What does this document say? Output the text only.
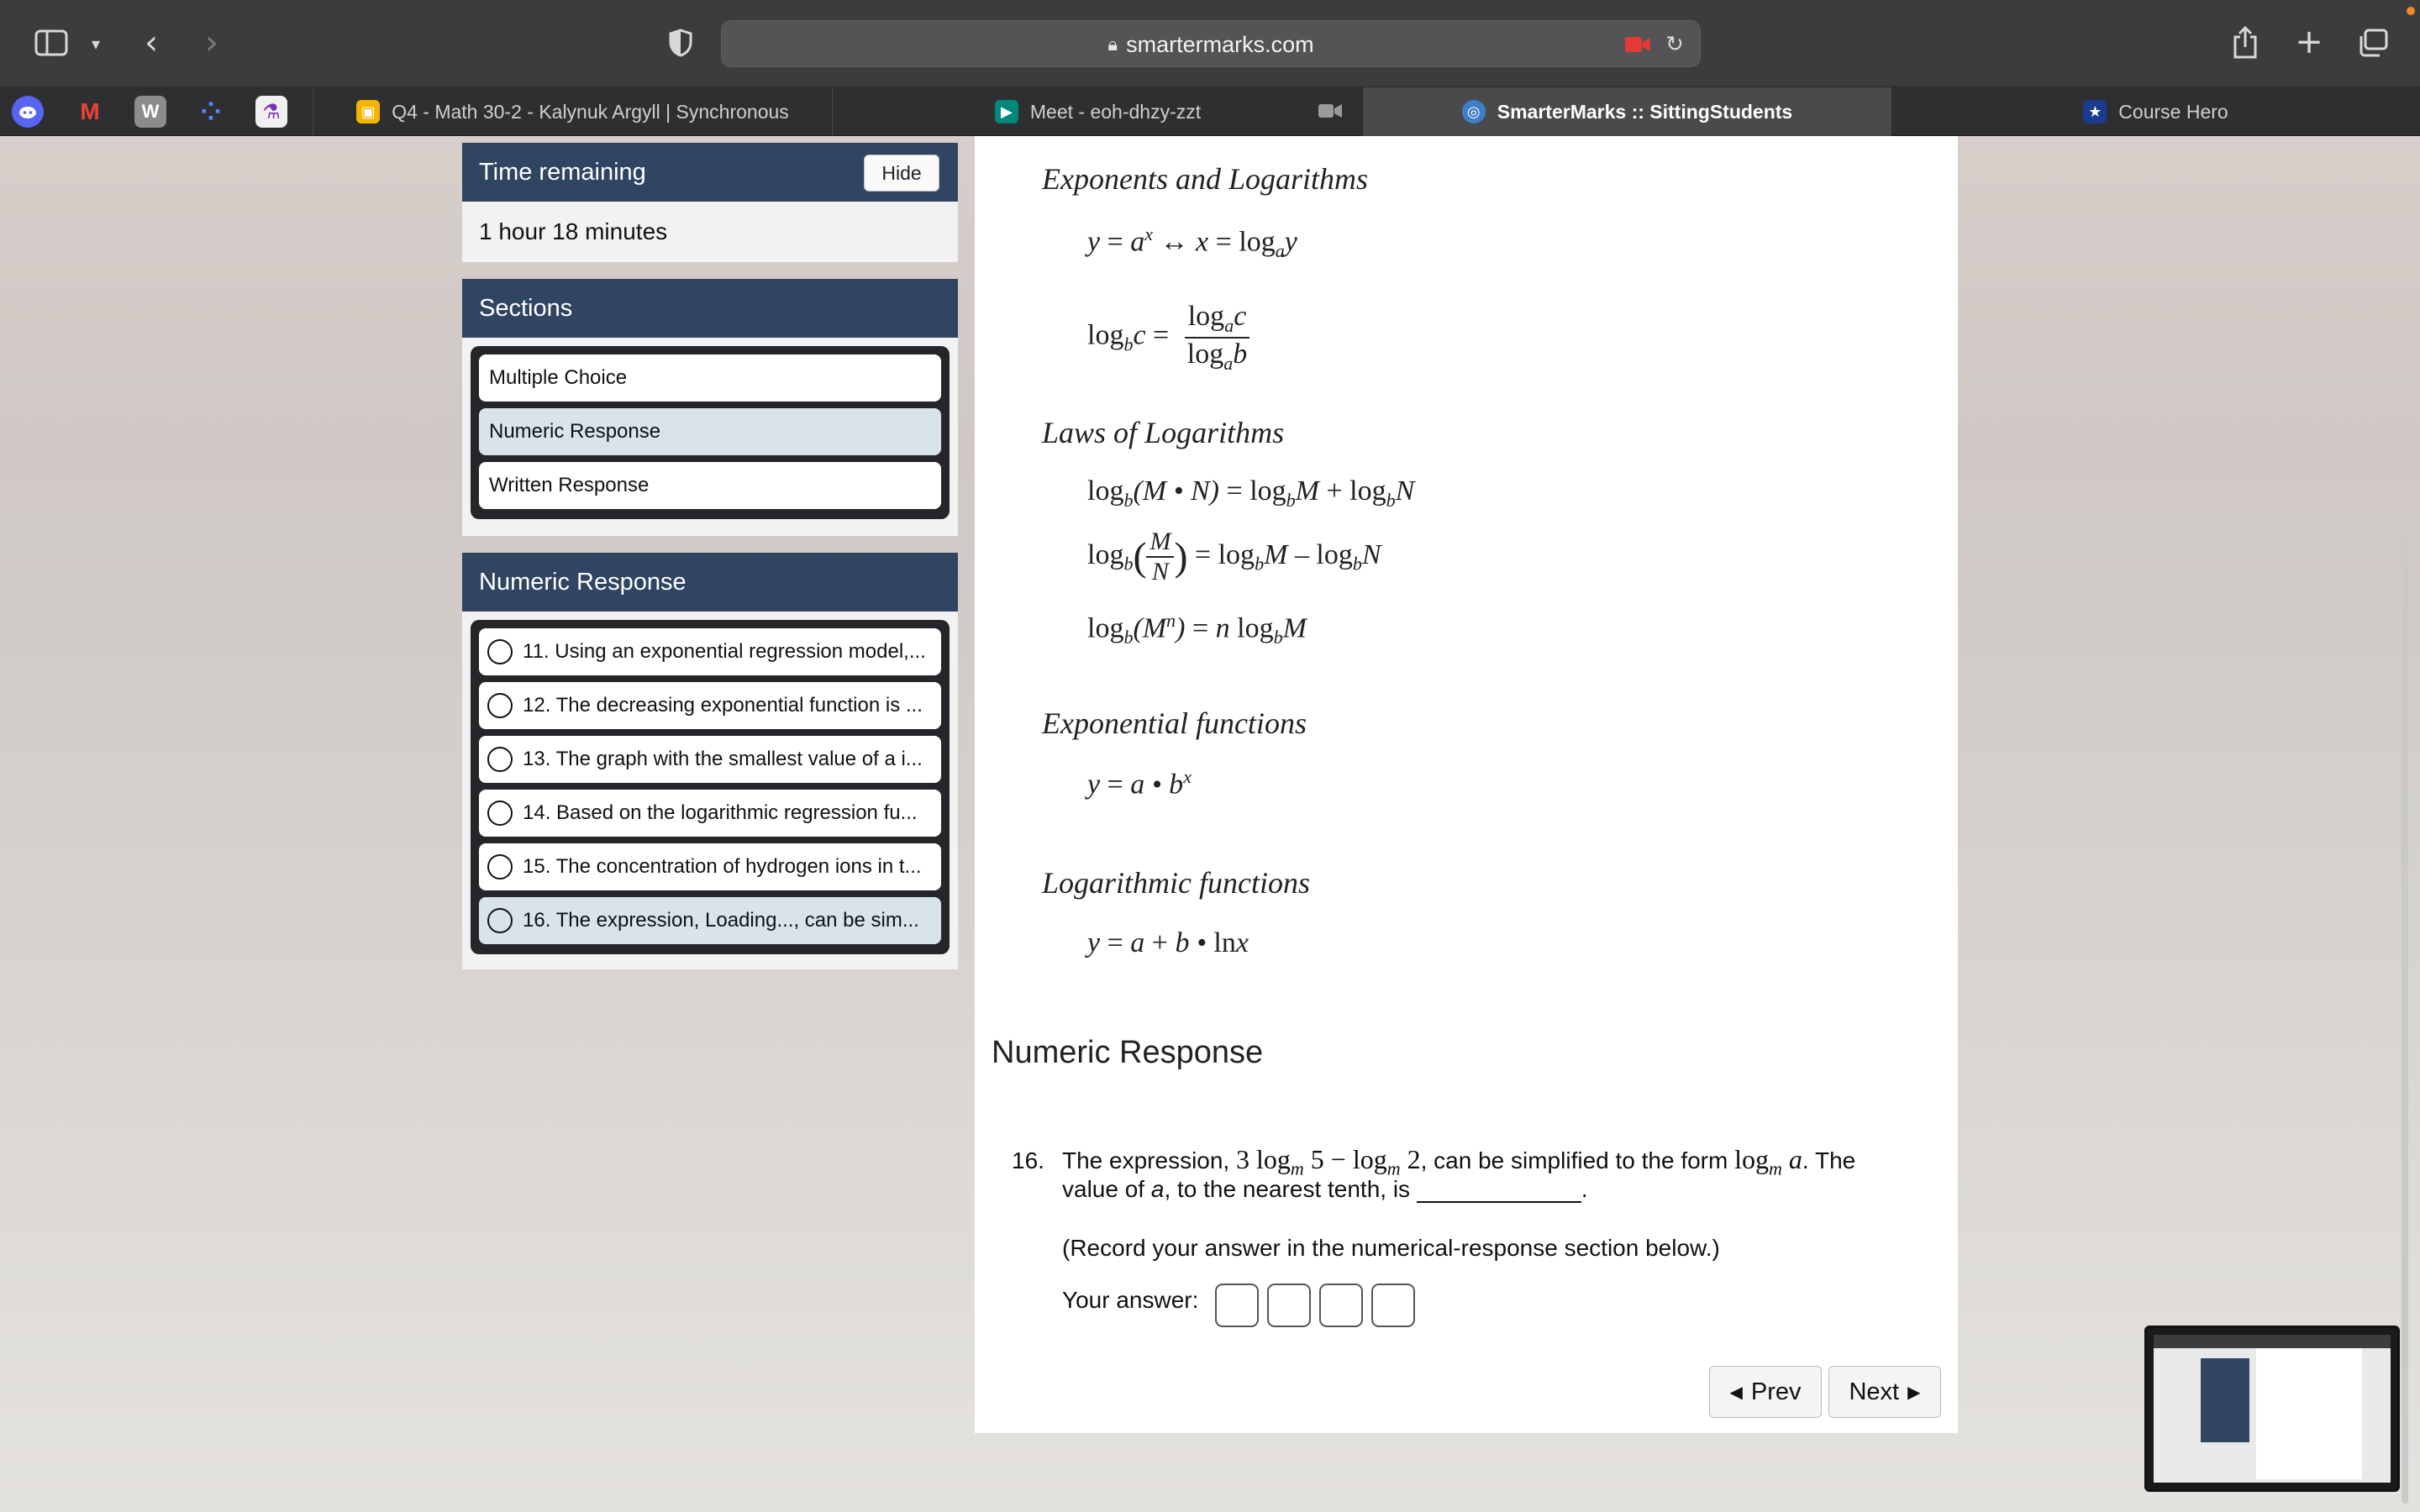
▾ ‹ ›	🔒︎ smartermarks.com	↻	+
M	W ⁘	⚗	▣ Q4 - Math 30-2 - Kalynuk Argyll | Synchronous	▶ Meet - eoh-dhzy-zzt	◎ SmarterMarks :: SittingStudents	★ Course Hero
Time remaining	Hide
1 hour 18 minutes
Sections
Multiple Choice
Numeric Response
Written Response
Numeric Response
11. Using an exponential regression model,...
12. The decreasing exponential function is ...
13. The graph with the smallest value of a i...
14. Based on the logarithmic regression fu...
15. The concentration of hydrogen ions in t...
16. The expression, Loading..., can be sim...
Exponents and Logarithms
$y = a^x$ ↔ $x = \log_ay$
$\log_bc = \frac{\log_ac}{\log_ab}$
Laws of Logarithms
$\log_b(M$ • $N) = \log_bM + \log_bN$
$\log_b( \frac{M}{N}$ ) = $\log_bM - \log_bN$
$\log_b(M^n) = n$ $\log_bM$
Exponential functions
y = a • $b^x$
Logarithmic functions
y = a + b • lnx
Numeric Response
16. The expression, 3 $\log_m 5 - \log_m 2$, can be simplified to the form $\log_m a$. The
value of a, to the nearest tenth, is	.
(Record your answer in the numerical-response section below.)
Your answer:
◀ Prev Next ▶
